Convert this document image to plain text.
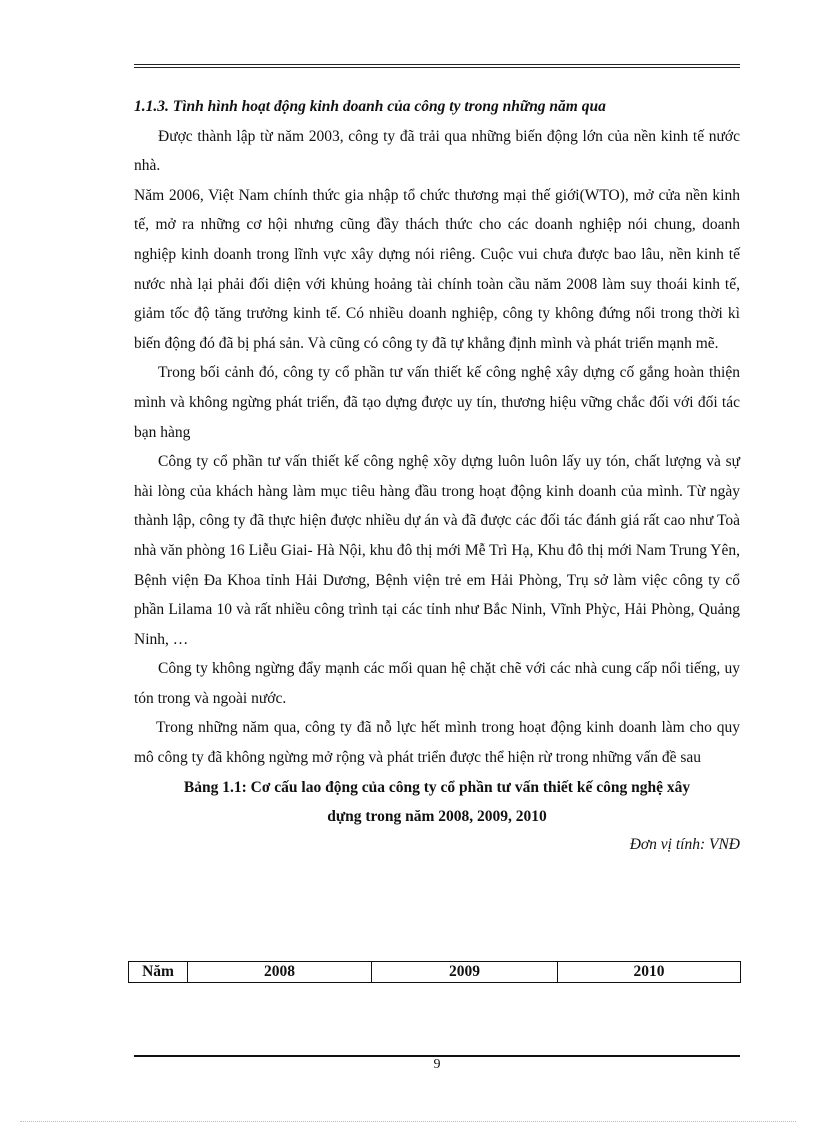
1.1.3. Tình hình hoạt động kinh doanh của công ty trong những năm qua

Được thành lập từ năm 2003, công ty đã trải qua những biến động lớn của nền kinh tế nước nhà.

Năm 2006, Việt Nam chính thức gia nhập tổ chức thương mại thế giới(WTO), mở cửa nền kinh tế, mở ra những cơ hội nhưng cũng đầy thách thức cho các doanh nghiệp nói chung, doanh nghiệp kinh doanh trong lĩnh vực xây dựng nói riêng. Cuộc vui chưa được bao lâu, nền kinh tế nước nhà lại phải đối diện với khủng hoảng tài chính toàn cầu năm 2008 làm suy thoái kinh tế, giảm tốc độ tăng trưởng kinh tế. Có nhiều doanh nghiệp, công ty không đứng nổi trong thời kì biến động đó đã bị phá sản. Và cũng có công ty đã tự khẳng định mình và phát triển mạnh mẽ.

Trong bối cảnh đó, công ty cổ phần tư vấn thiết kế công nghệ xây dựng cố gắng hoàn thiện mình và không ngừng phát triển, đã tạo dựng được uy tín, thương hiệu vững chắc đối với đối tác bạn hàng

Công ty cổ phần tư vấn thiết kế công nghệ xõy dựng luôn luôn lấy uy tón, chất lượng và sự hài lòng của khách hàng làm mục tiêu hàng đầu trong hoạt động kinh doanh của mình. Từ ngày thành lập, công ty đã thực hiện được nhiều dự án và đã được các đối tác đánh giá rất cao như Toà nhà văn phòng 16 Liễu Giai- Hà Nội, khu đô thị mới Mễ Trì Hạ, Khu đô thị mới Nam Trung Yên, Bệnh viện Đa Khoa tỉnh Hải Dương, Bệnh viện trẻ em Hải Phòng, Trụ sở làm việc công ty cổ phần Lilama 10 và rất nhiều công trình tại các tỉnh như Bắc Ninh, Vĩnh Phỳc, Hải Phòng, Quảng Ninh, …

Công ty không ngừng đẩy mạnh các mối quan hệ chặt chẽ với các nhà cung cấp nổi tiếng, uy tón trong và ngoài nước.

Trong những năm qua, công ty đã nỗ lực hết mình trong hoạt động kinh doanh làm cho quy mô công ty đã không ngừng mở rộng và phát triển được thể hiện rừ trong những vấn đề sau

Bảng 1.1: Cơ cấu lao động của công ty cổ phần tư vấn thiết kế công nghệ xây

dựng trong năm 2008, 2009, 2010

Đơn vị tính: VNĐ

Năm	2008	2009	2010
9
